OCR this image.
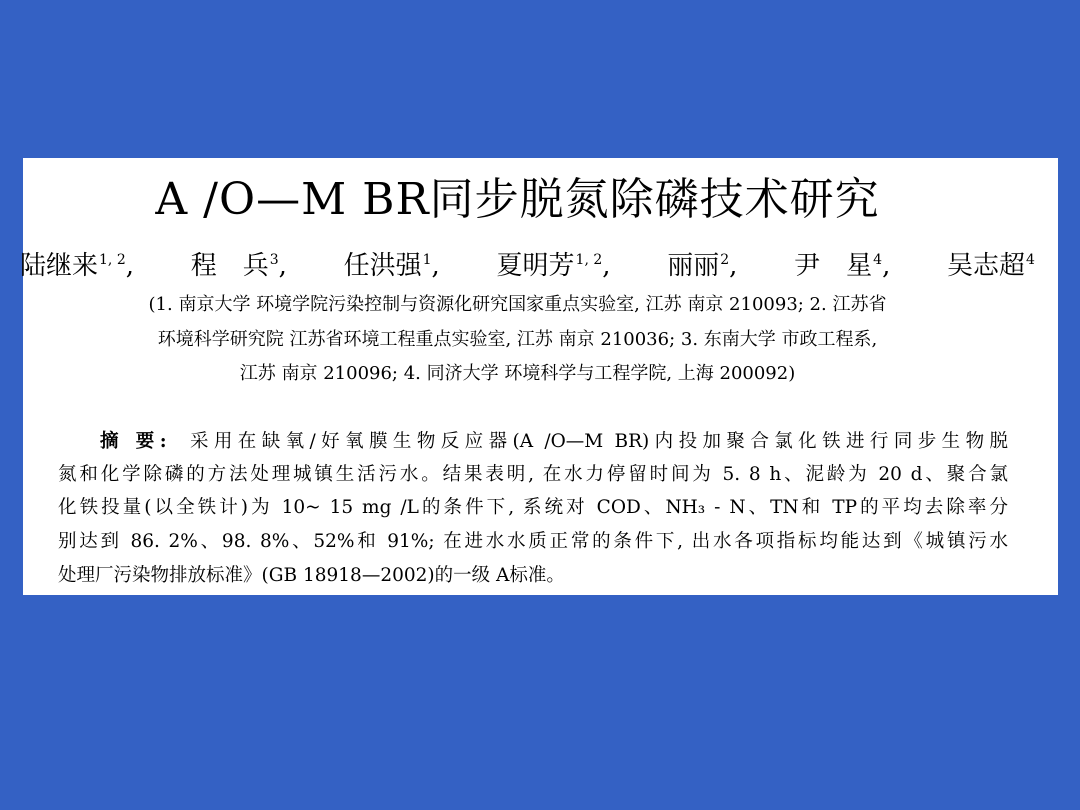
A /O—M BR同步脱氮除磷技术研究
陆继来$^{1, 2}$, 程　兵$^3$, 任洪强$^1$, 夏明芳$^{1, 2}$, 丽丽$^2$, 尹　星$^4$, 吴志超$^4$
(1. 南京大学 环境学院污染控制与资源化研究国家重点实验室, 江苏 南京 210093; 2. 江苏省
环境科学研究院 江苏省环境工程重点实验室, 江苏 南京 210036; 3. 东南大学 市政工程系,
江苏 南京 210096; 4. 同济大学 环境科学与工程学院, 上海 200092)
摘 要: 采用在缺氧/好氧膜生物反应器(A /O—M BR)内投加聚合氯化铁进行同步生物脱
氮和化学除磷的方法处理城镇生活污水。结果表明, 在水力停留时间为 5. 8 h、泥龄为 20 d、聚合氯
化铁投量(以全铁计)为 10~ 15 mg /L的条件下, 系统对 COD、NH₃ - N、TN和 TP的平均去除率分
别达到 86. 2%、98. 8%、52%和 91%; 在进水水质正常的条件下, 出水各项指标均能达到《城镇污水
处理厂污染物排放标准》(GB 18918—2002)的一级 A标准。
